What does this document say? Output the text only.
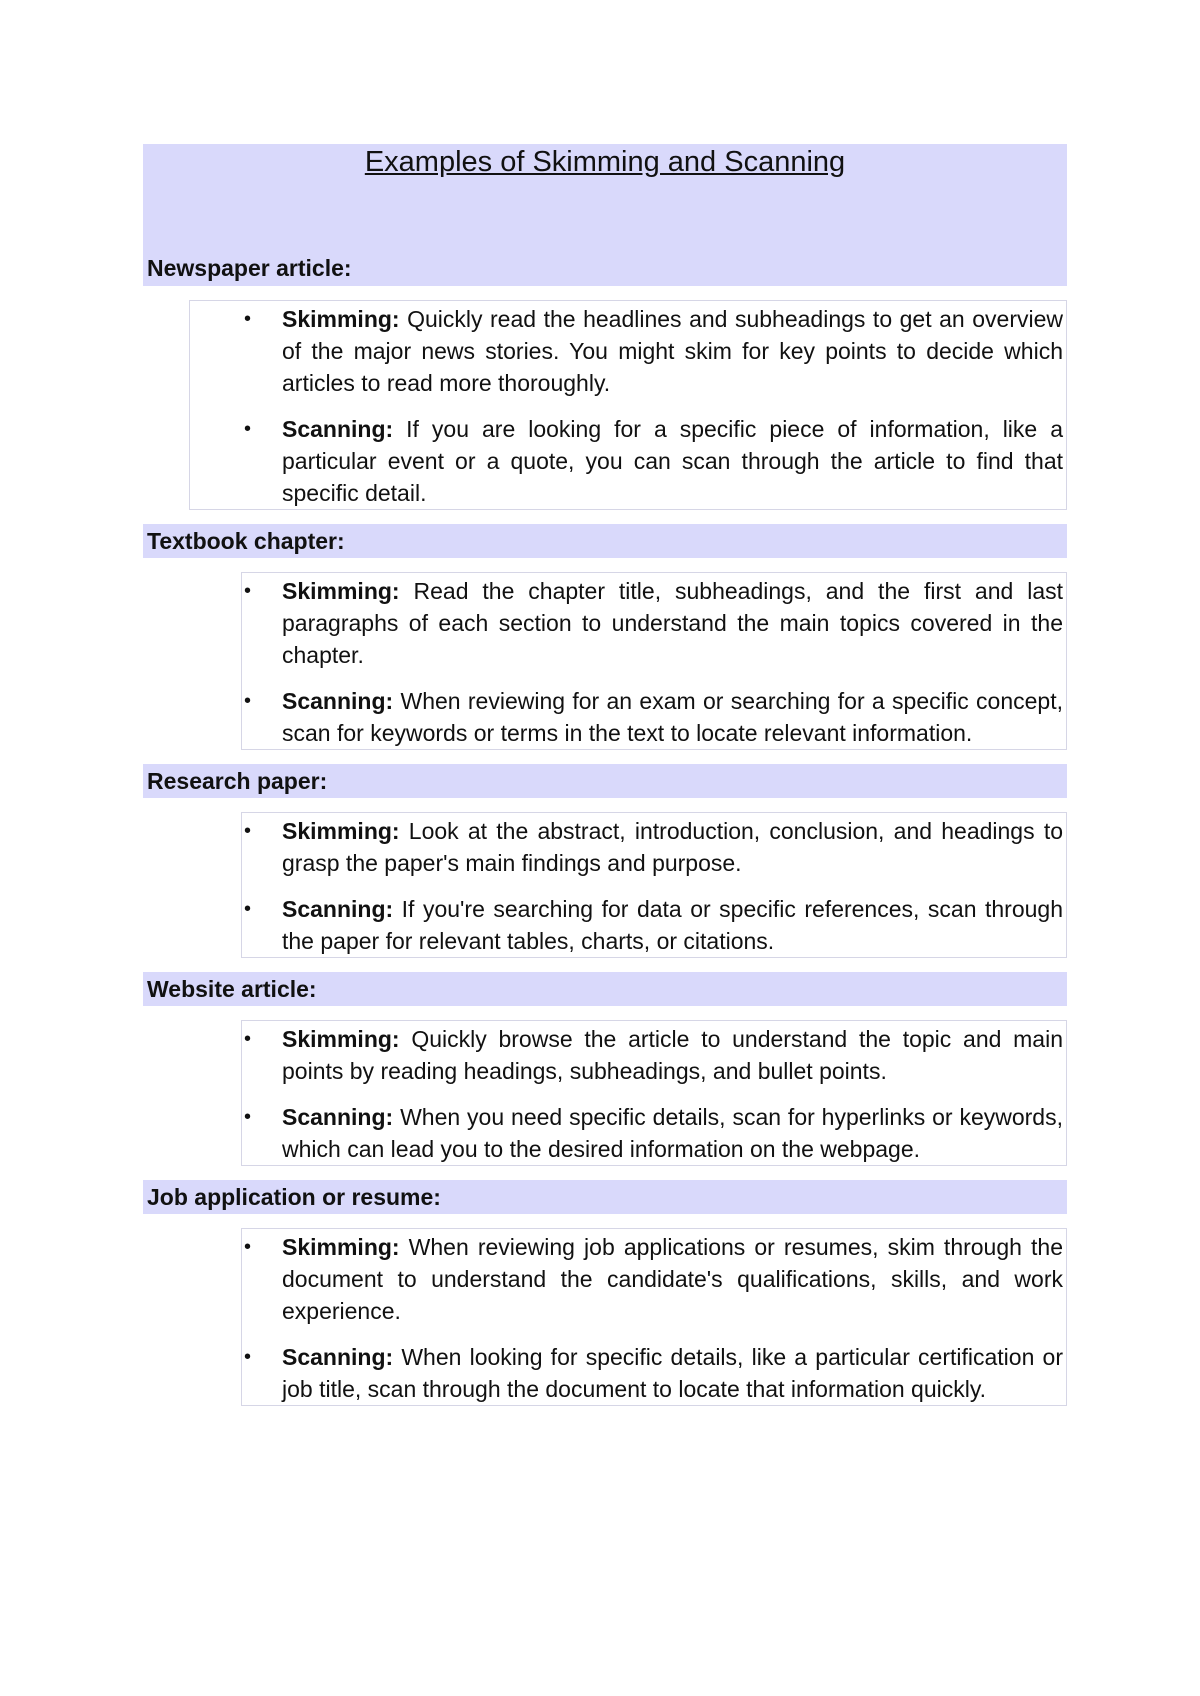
Examples of Skimming and Scanning
Newspaper article:
• Skimming: Quickly read the headlines and subheadings to get an overview of the major news stories. You might skim for key points to decide which articles to read more thoroughly.
• Scanning: If you are looking for a specific piece of information, like a particular event or a quote, you can scan through the article to find that specific detail.
Textbook chapter:
• Skimming: Read the chapter title, subheadings, and the first and last paragraphs of each section to understand the main topics covered in the chapter.
• Scanning: When reviewing for an exam or searching for a specific concept, scan for keywords or terms in the text to locate relevant information.
Research paper:
• Skimming: Look at the abstract, introduction, conclusion, and headings to grasp the paper's main findings and purpose.
• Scanning: If you're searching for data or specific references, scan through the paper for relevant tables, charts, or citations.
Website article:
• Skimming: Quickly browse the article to understand the topic and main points by reading headings, subheadings, and bullet points.
• Scanning: When you need specific details, scan for hyperlinks or keywords, which can lead you to the desired information on the webpage.
Job application or resume:
• Skimming: When reviewing job applications or resumes, skim through the document to understand the candidate's qualifications, skills, and work experience.
• Scanning: When looking for specific details, like a particular certification or job title, scan through the document to locate that information quickly.
